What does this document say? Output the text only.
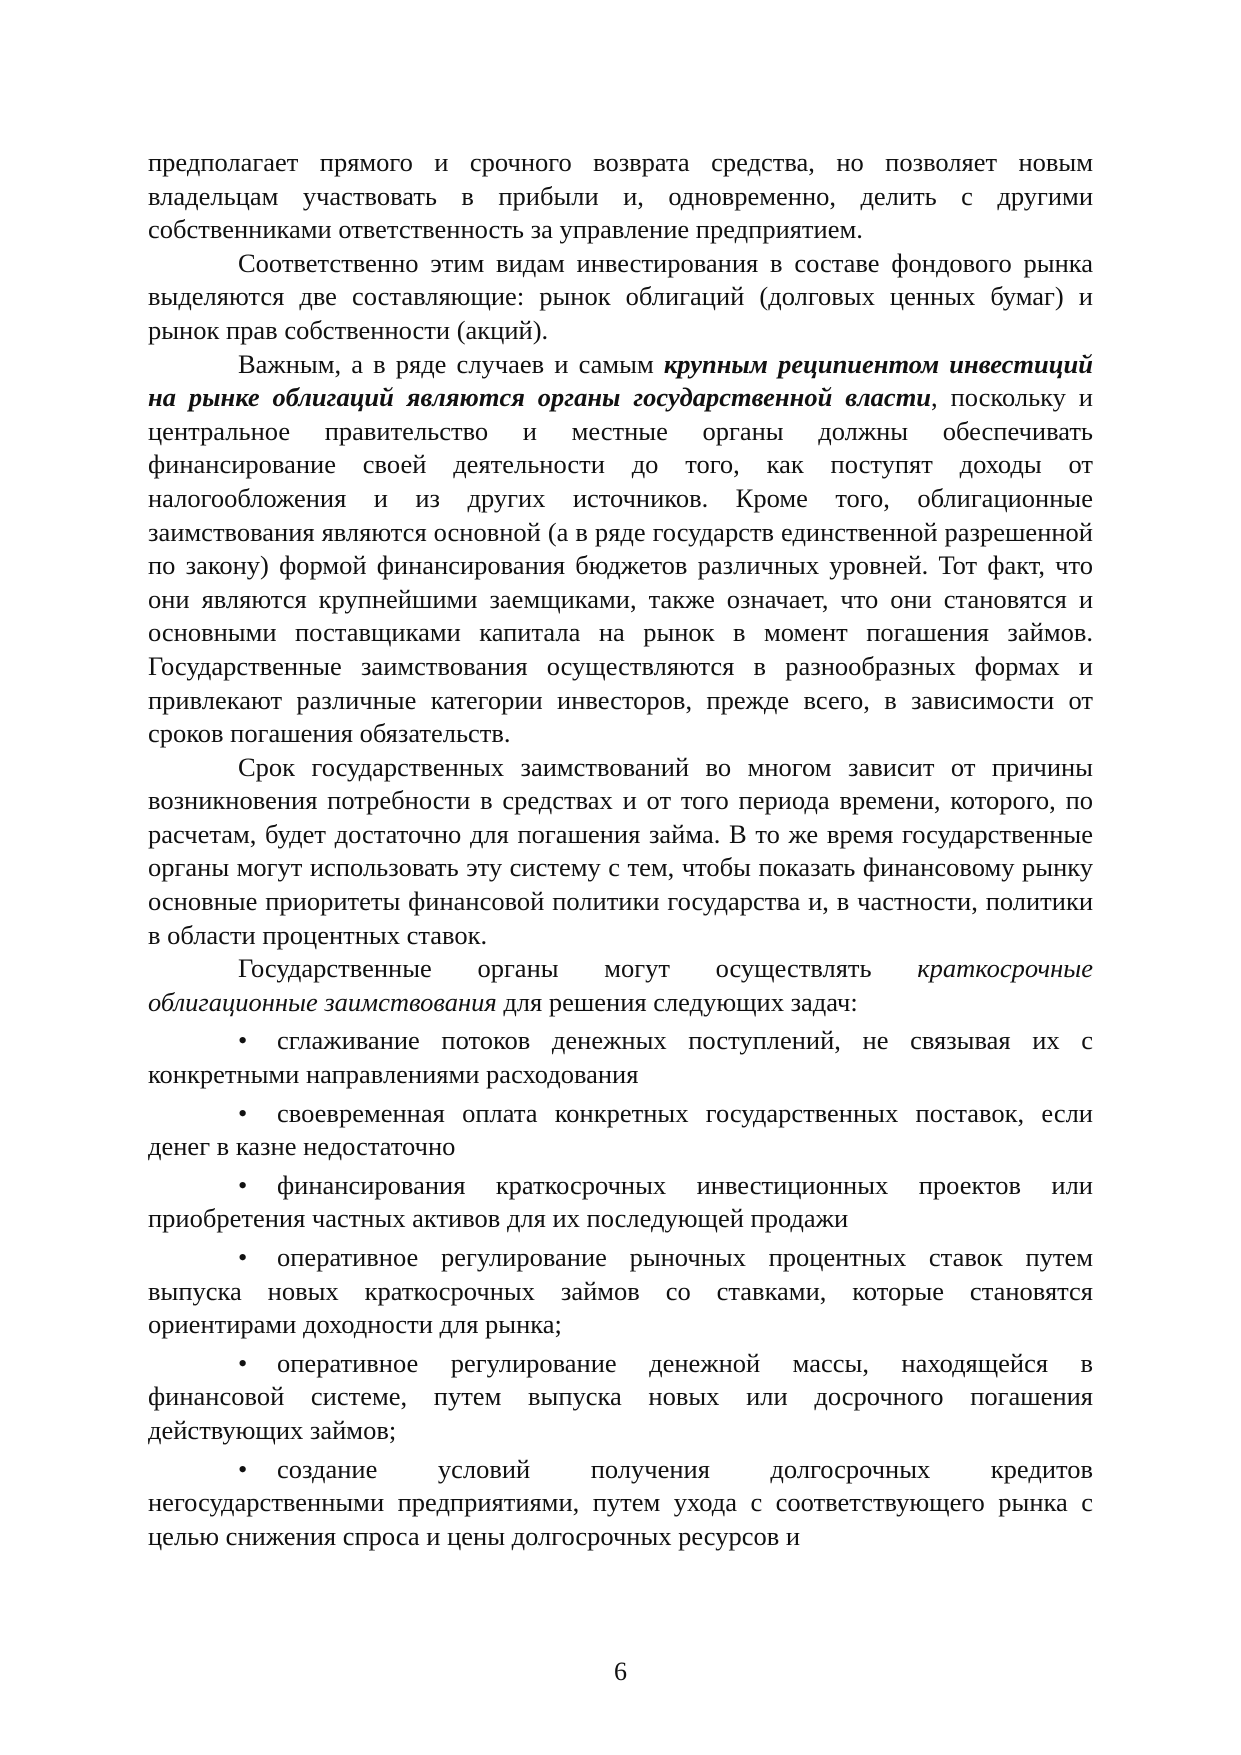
предполагает прямого и срочного возврата средства, но позволяет новым владельцам участвовать в прибыли и, одновременно, делить с другими собственниками ответственность за управление предприятием.

Соответственно этим видам инвестирования в составе фондового рынка выделяются две составляющие: рынок облигаций (долговых ценных бумаг) и рынок прав собственности (акций).

Важным, а в ряде случаев и самым крупным реципиентом инвестиций на рынке облигаций являются органы государственной власти, поскольку и центральное правительство и местные органы должны обеспечивать финансирование своей деятельности до того, как поступят доходы от налогообложения и из других источников. Кроме того, облигационные заимствования являются основной (а в ряде государств единственной разрешенной по закону) формой финансирования бюджетов различных уровней. Тот факт, что они являются крупнейшими заемщиками, также означает, что они становятся и основными поставщиками капитала на рынок в момент погашения займов. Государственные заимствования осуществляются в разнообразных формах и привлекают различные категории инвесторов, прежде всего, в зависимости от сроков погашения обязательств.

Срок государственных заимствований во многом зависит от причины возникновения потребности в средствах и от того периода времени, которого, по расчетам, будет достаточно для погашения займа. В то же время государственные органы могут использовать эту систему с тем, чтобы показать финансовому рынку основные приоритеты финансовой политики государства и, в частности, политики в области процентных ставок.

Государственные органы могут осуществлять краткосрочные облигационные заимствования для решения следующих задач:

• сглаживание потоков денежных поступлений, не связывая их с конкретными направлениями расходования

• своевременная оплата конкретных государственных поставок, если денег в казне недостаточно

• финансирования краткосрочных инвестиционных проектов или приобретения частных активов для их последующей продажи

• оперативное регулирование рыночных процентных ставок путем выпуска новых краткосрочных займов со ставками, которые становятся ориентирами доходности для рынка;

• оперативное регулирование денежной массы, находящейся в финансовой системе, путем выпуска новых или досрочного погашения действующих займов;

• создание условий получения долгосрочных кредитов негосударственными предприятиями, путем ухода с соответствующего рынка с целью снижения спроса и цены долгосрочных ресурсов и

6
